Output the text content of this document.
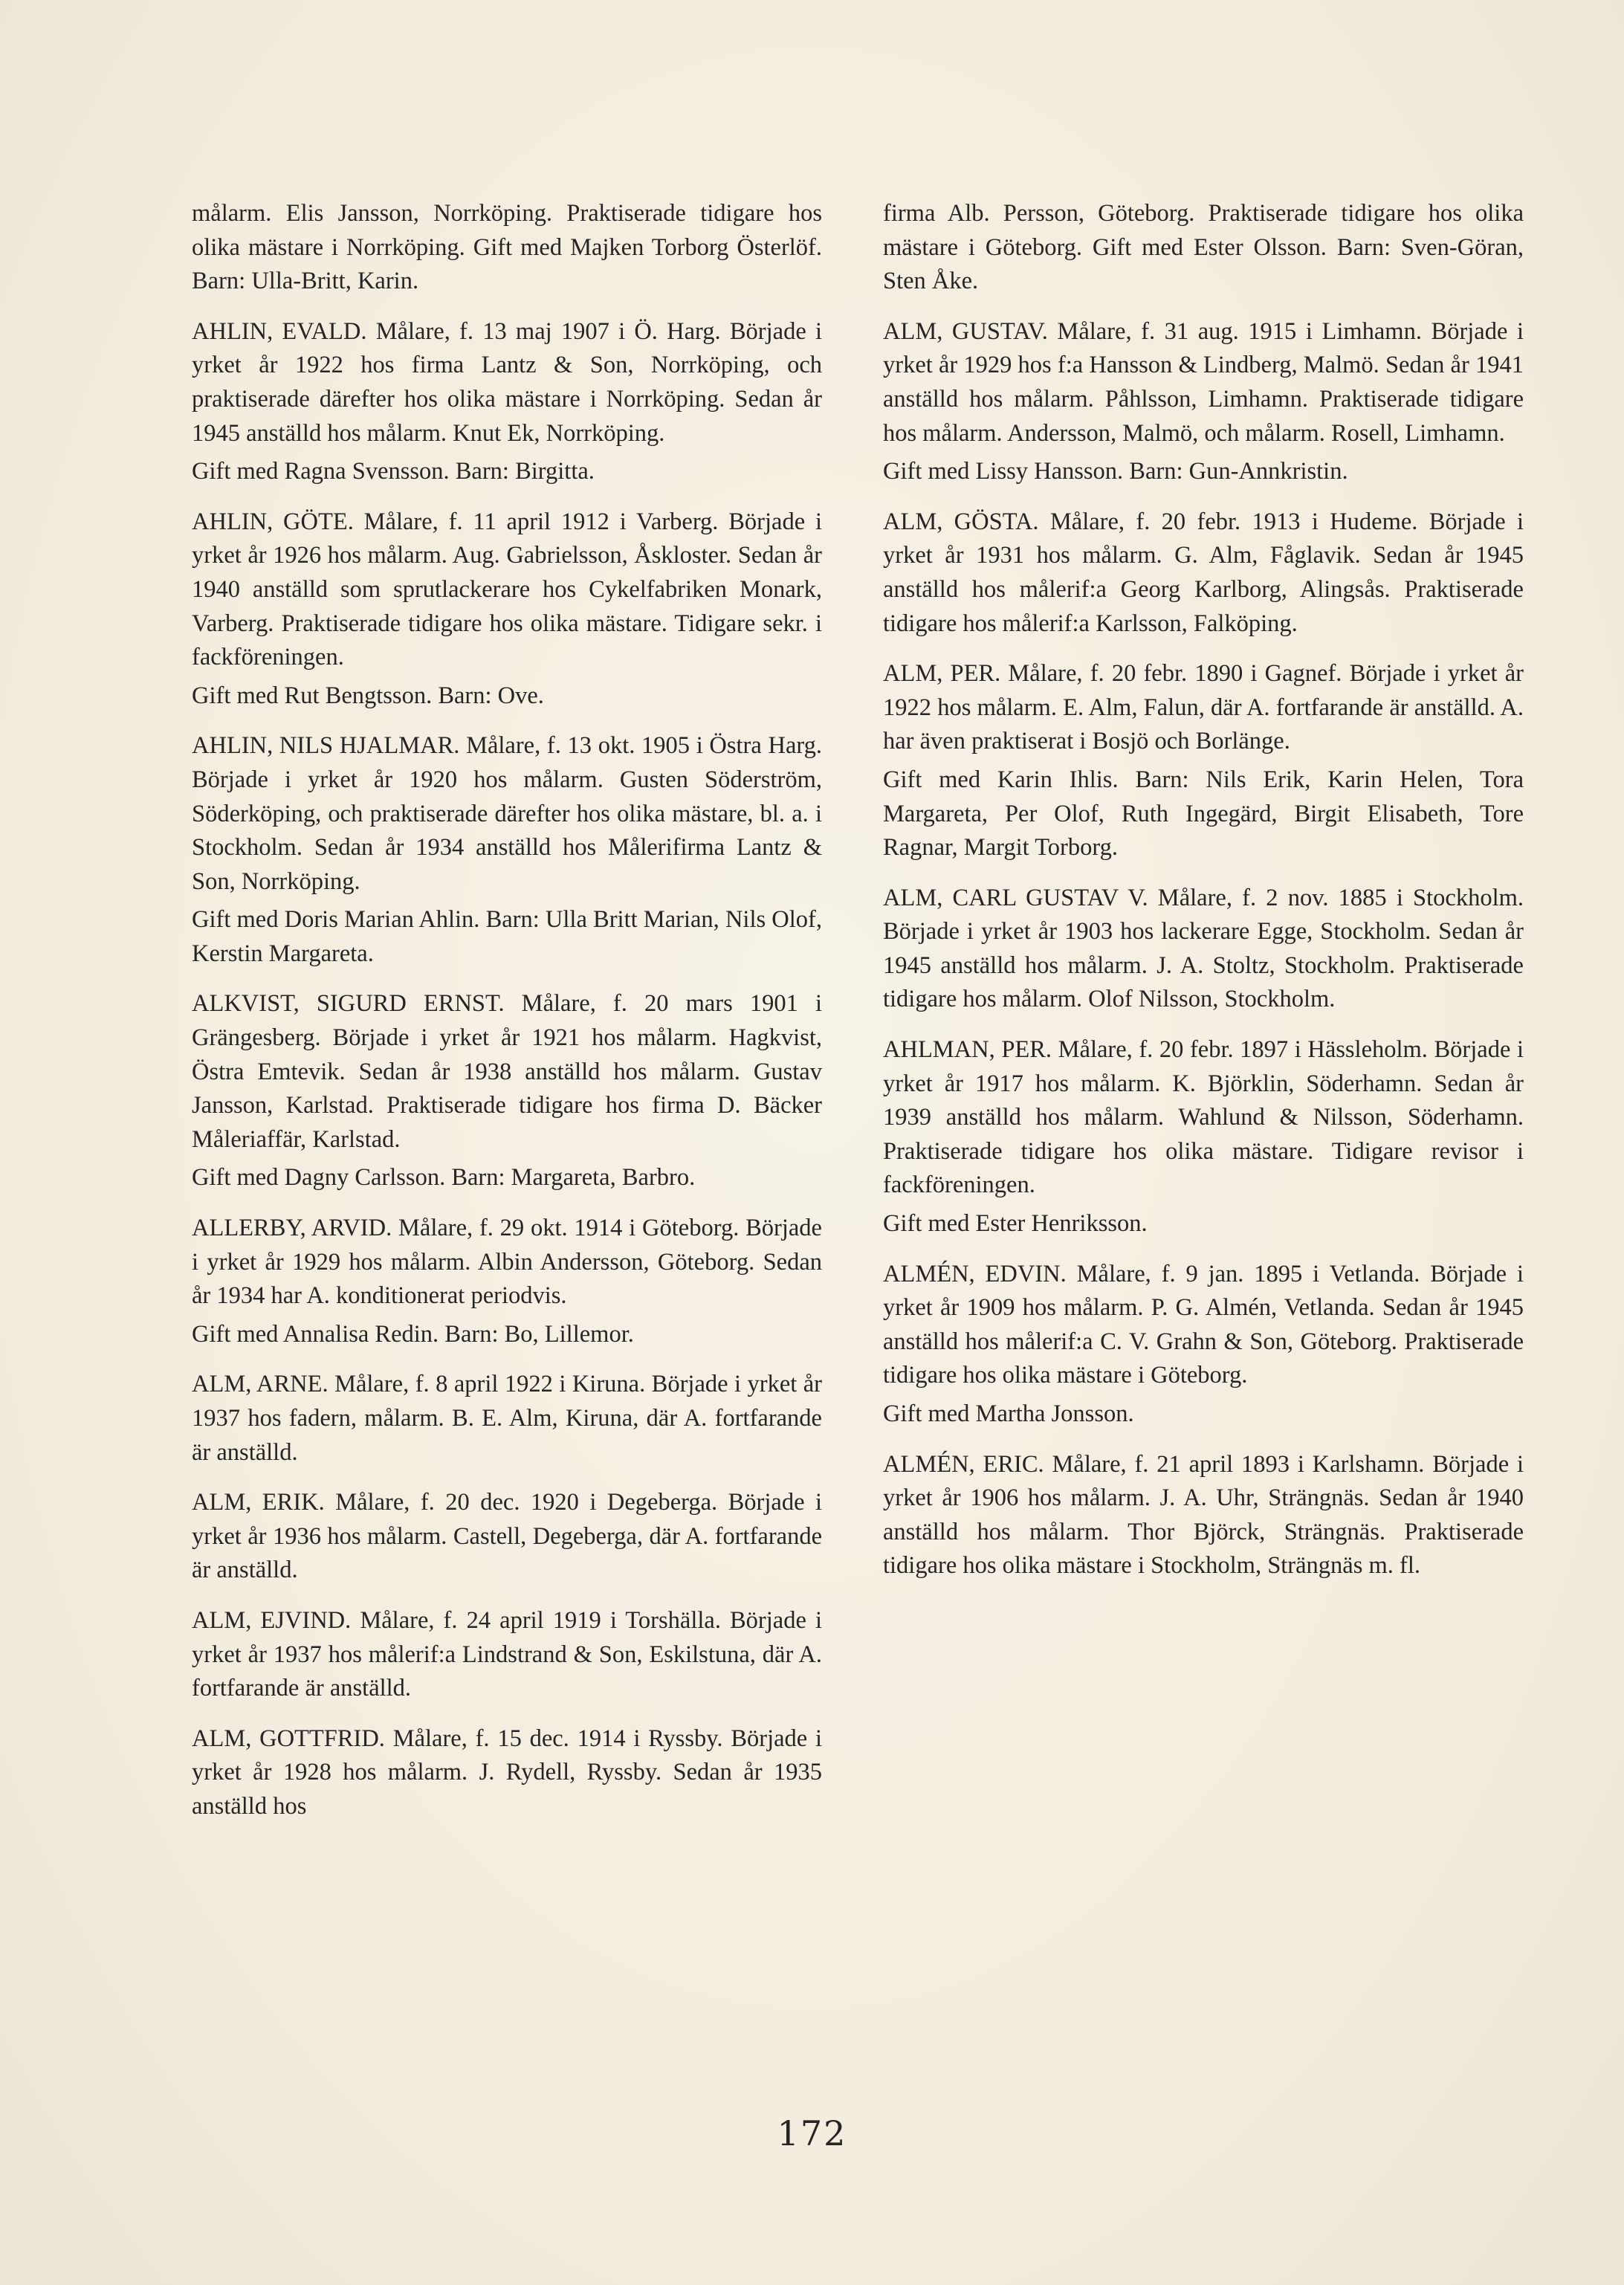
målarm. Elis Jansson, Norrköping. Praktiserade tidigare hos olika mästare i Norrköping. Gift med Majken Torborg Österlöf. Barn: Ulla-Britt, Karin.

AHLIN, EVALD. Målare, f. 13 maj 1907 i Ö. Harg. Började i yrket år 1922 hos firma Lantz & Son, Norrköping, och praktiserade därefter hos olika mästare i Norrköping. Sedan år 1945 anställd hos målarm. Knut Ek, Norrköping.

Gift med Ragna Svensson. Barn: Birgitta.

AHLIN, GÖTE. Målare, f. 11 april 1912 i Varberg. Började i yrket år 1926 hos målarm. Aug. Gabrielsson, Åskloster. Sedan år 1940 anställd som sprutlackerare hos Cykelfabriken Monark, Varberg. Praktiserade tidigare hos olika mästare. Tidigare sekr. i fackföreningen.

Gift med Rut Bengtsson. Barn: Ove.

AHLIN, NILS HJALMAR. Målare, f. 13 okt. 1905 i Östra Harg. Började i yrket år 1920 hos målarm. Gusten Söderström, Söderköping, och praktiserade därefter hos olika mästare, bl. a. i Stockholm. Sedan år 1934 anställd hos Målerifirma Lantz & Son, Norrköping.

Gift med Doris Marian Ahlin. Barn: Ulla Britt Marian, Nils Olof, Kerstin Margareta.

ALKVIST, SIGURD ERNST. Målare, f. 20 mars 1901 i Grängesberg. Började i yrket år 1921 hos målarm. Hagkvist, Östra Emtevik. Sedan år 1938 anställd hos målarm. Gustav Jansson, Karlstad. Praktiserade tidigare hos firma D. Bäcker Måleriaffär, Karlstad.

Gift med Dagny Carlsson. Barn: Margareta, Barbro.

ALLERBY, ARVID. Målare, f. 29 okt. 1914 i Göteborg. Började i yrket år 1929 hos målarm. Albin Andersson, Göteborg. Sedan år 1934 har A. konditionerat periodvis.

Gift med Annalisa Redin. Barn: Bo, Lillemor.

ALM, ARNE. Målare, f. 8 april 1922 i Kiruna. Började i yrket år 1937 hos fadern, målarm. B. E. Alm, Kiruna, där A. fortfarande är anställd.

ALM, ERIK. Målare, f. 20 dec. 1920 i Degeberga. Började i yrket år 1936 hos målarm. Castell, Degeberga, där A. fortfarande är anställd.

ALM, EJVIND. Målare, f. 24 april 1919 i Torshälla. Började i yrket år 1937 hos målerif:a Lindstrand & Son, Eskilstuna, där A. fortfarande är anställd.

ALM, GOTTFRID. Målare, f. 15 dec. 1914 i Ryssby. Började i yrket år 1928 hos målarm. J. Rydell, Ryssby. Sedan år 1935 anställd hos

firma Alb. Persson, Göteborg. Praktiserade tidigare hos olika mästare i Göteborg. Gift med Ester Olsson. Barn: Sven-Göran, Sten Åke.

ALM, GUSTAV. Målare, f. 31 aug. 1915 i Limhamn. Började i yrket år 1929 hos f:a Hansson & Lindberg, Malmö. Sedan år 1941 anställd hos målarm. Påhlsson, Limhamn. Praktiserade tidigare hos målarm. Andersson, Malmö, och målarm. Rosell, Limhamn.

Gift med Lissy Hansson. Barn: Gun-Annkristin.

ALM, GÖSTA. Målare, f. 20 febr. 1913 i Hudeme. Började i yrket år 1931 hos målarm. G. Alm, Fåglavik. Sedan år 1945 anställd hos målerif:a Georg Karlborg, Alingsås. Praktiserade tidigare hos målerif:a Karlsson, Falköping.

ALM, PER. Målare, f. 20 febr. 1890 i Gagnef. Började i yrket år 1922 hos målarm. E. Alm, Falun, där A. fortfarande är anställd. A. har även praktiserat i Bosjö och Borlänge.

Gift med Karin Ihlis. Barn: Nils Erik, Karin Helen, Tora Margareta, Per Olof, Ruth Ingegärd, Birgit Elisabeth, Tore Ragnar, Margit Torborg.

ALM, CARL GUSTAV V. Målare, f. 2 nov. 1885 i Stockholm. Började i yrket år 1903 hos lackerare Egge, Stockholm. Sedan år 1945 anställd hos målarm. J. A. Stoltz, Stockholm. Praktiserade tidigare hos målarm. Olof Nilsson, Stockholm.

AHLMAN, PER. Målare, f. 20 febr. 1897 i Hässleholm. Började i yrket år 1917 hos målarm. K. Björklin, Söderhamn. Sedan år 1939 anställd hos målarm. Wahlund & Nilsson, Söderhamn. Praktiserade tidigare hos olika mästare. Tidigare revisor i fackföreningen.

Gift med Ester Henriksson.

ALMÉN, EDVIN. Målare, f. 9 jan. 1895 i Vetlanda. Började i yrket år 1909 hos målarm. P. G. Almén, Vetlanda. Sedan år 1945 anställd hos målerif:a C. V. Grahn & Son, Göteborg. Praktiserade tidigare hos olika mästare i Göteborg.

Gift med Martha Jonsson.

ALMÉN, ERIC. Målare, f. 21 april 1893 i Karlshamn. Började i yrket år 1906 hos målarm. J. A. Uhr, Strängnäs. Sedan år 1940 anställd hos målarm. Thor Björck, Strängnäs. Praktiserade tidigare hos olika mästare i Stockholm, Strängnäs m. fl.

172
